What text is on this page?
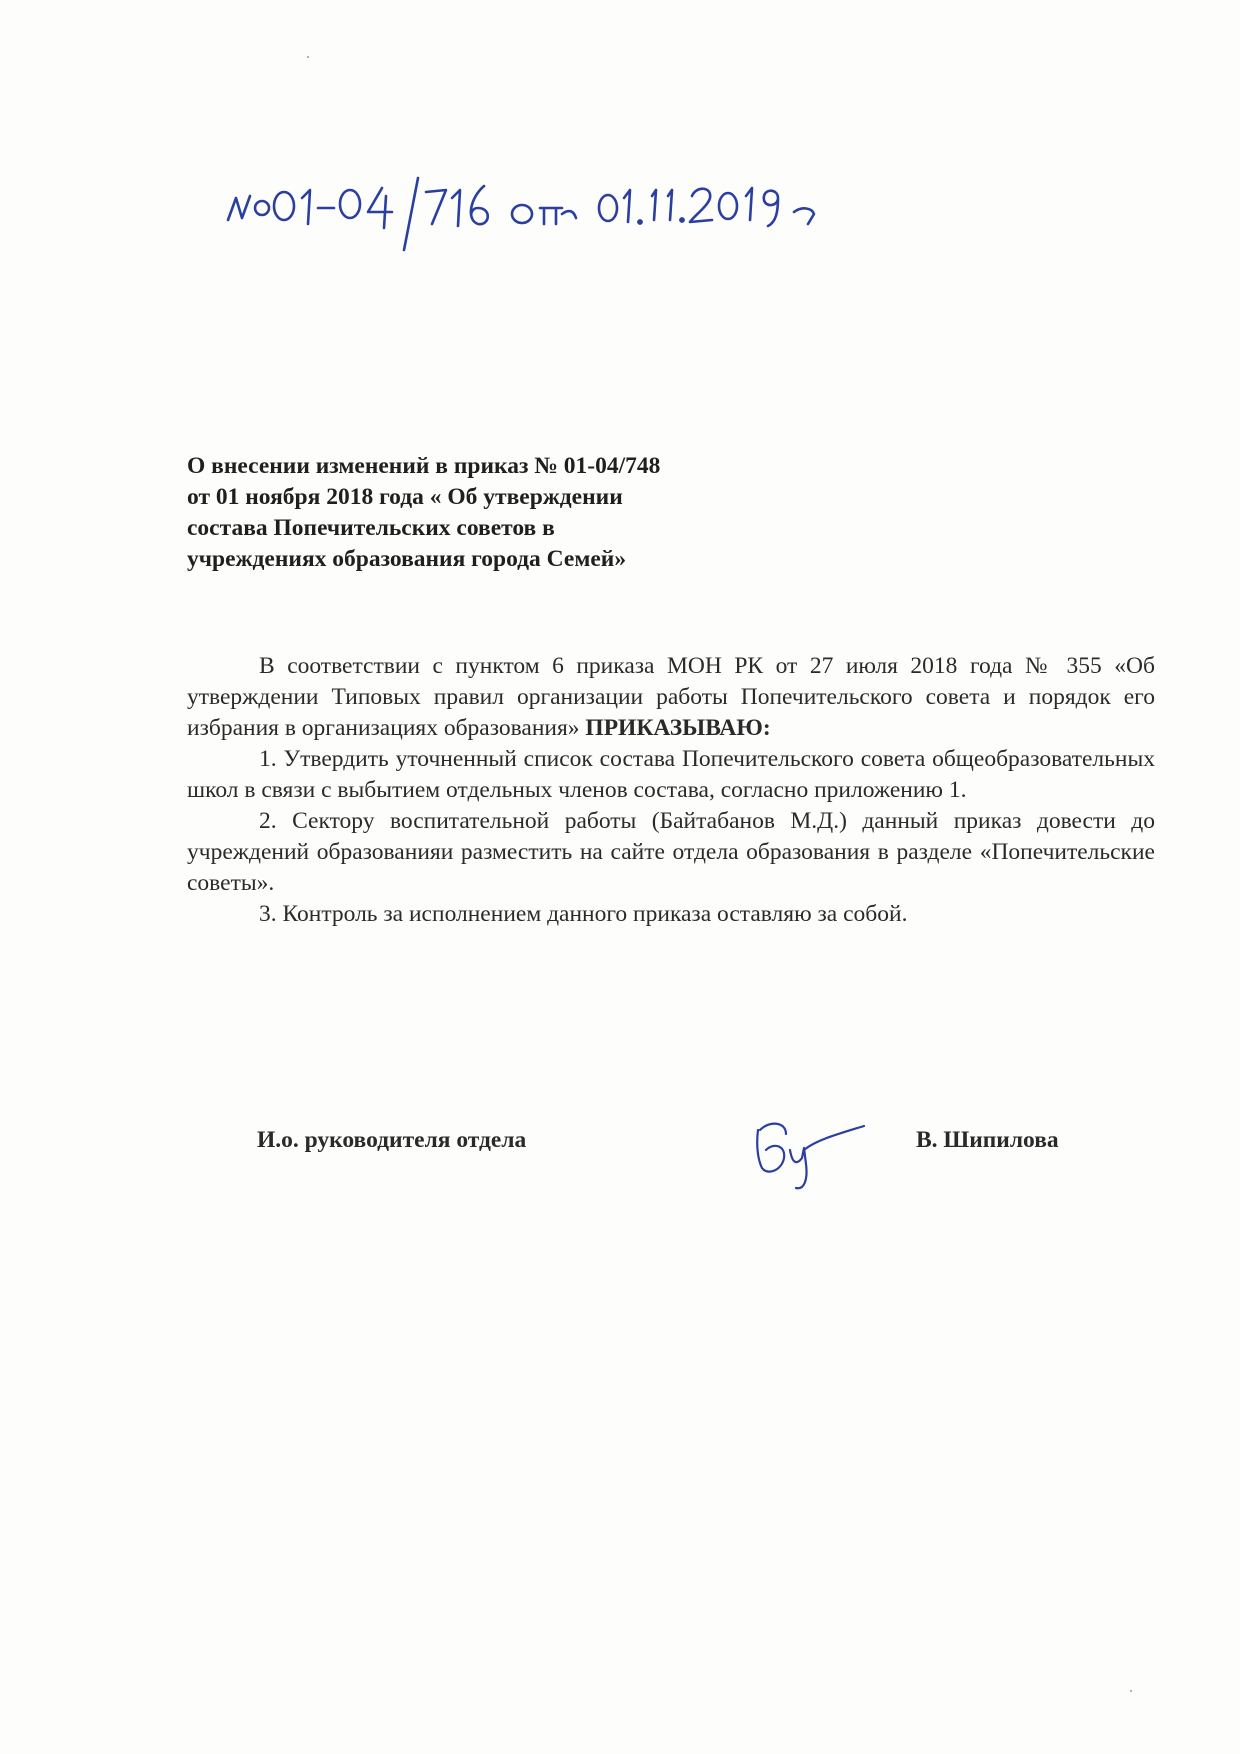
О внесении изменений в приказ № 01-04/748
от 01 ноября 2018 года « Об утверждении
состава Попечительских советов в
учреждениях образования города Семей»

В соответствии с пунктом 6 приказа МОН РК от 27 июля 2018 года № 355 «Об утверждении Типовых правил организации работы Попечительского совета и порядок его избрания в организациях образования» ПРИКАЗЫВАЮ:

1. Утвердить уточненный список состава Попечительского совета общеобразовательных школ в связи с выбытием отдельных членов состава, согласно приложению 1.

2. Сектору воспитательной работы (Байтабанов М.Д.) данный приказ довести до учреждений образованияи разместить на сайте отдела образования в разделе «Попечительские советы».

3. Контроль за исполнением данного приказа оставляю за собой.

И.о. руководителя отдела	В. Шипилова
